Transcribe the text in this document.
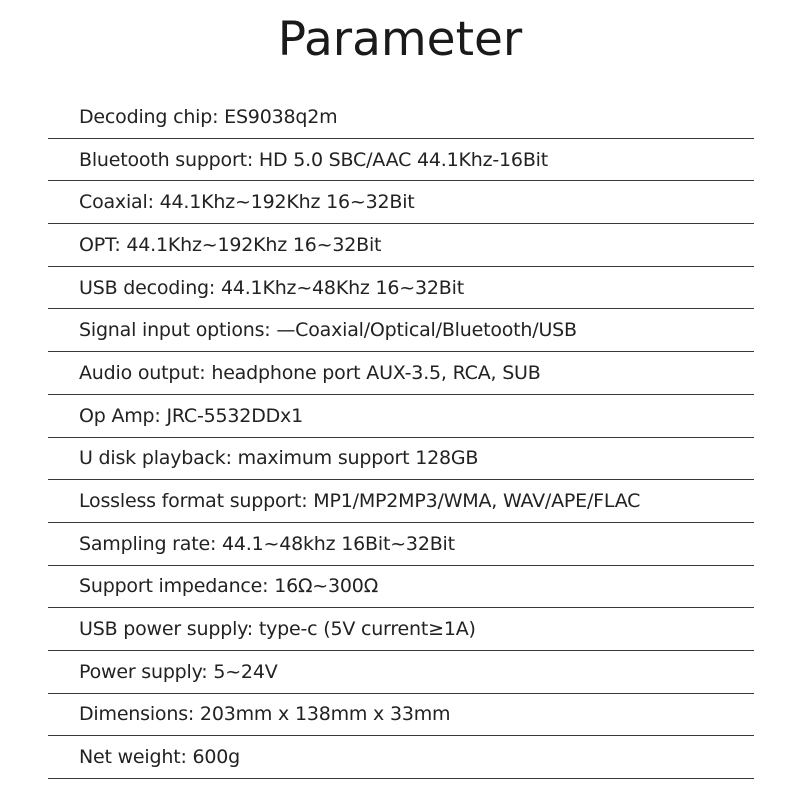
Parameter
Decoding chip: ES9038q2m
Bluetooth support: HD 5.0 SBC/AAC 44.1Khz-16Bit
Coaxial: 44.1Khz~192Khz 16~32Bit
OPT: 44.1Khz~192Khz 16~32Bit
USB decoding: 44.1Khz~48Khz 16~32Bit
Signal input options: —Coaxial/Optical/Bluetooth/USB
Audio output: headphone port AUX-3.5, RCA, SUB
Op Amp: JRC-5532DDx1
U disk playback: maximum support 128GB
Lossless format support: MP1/MP2MP3/WMA, WAV/APE/FLAC
Sampling rate: 44.1~48khz 16Bit~32Bit
Support impedance: 16Ω~300Ω
USB power supply: type-c (5V current≥1A)
Power supply: 5~24V
Dimensions: 203mm x 138mm x 33mm
Net weight: 600g
